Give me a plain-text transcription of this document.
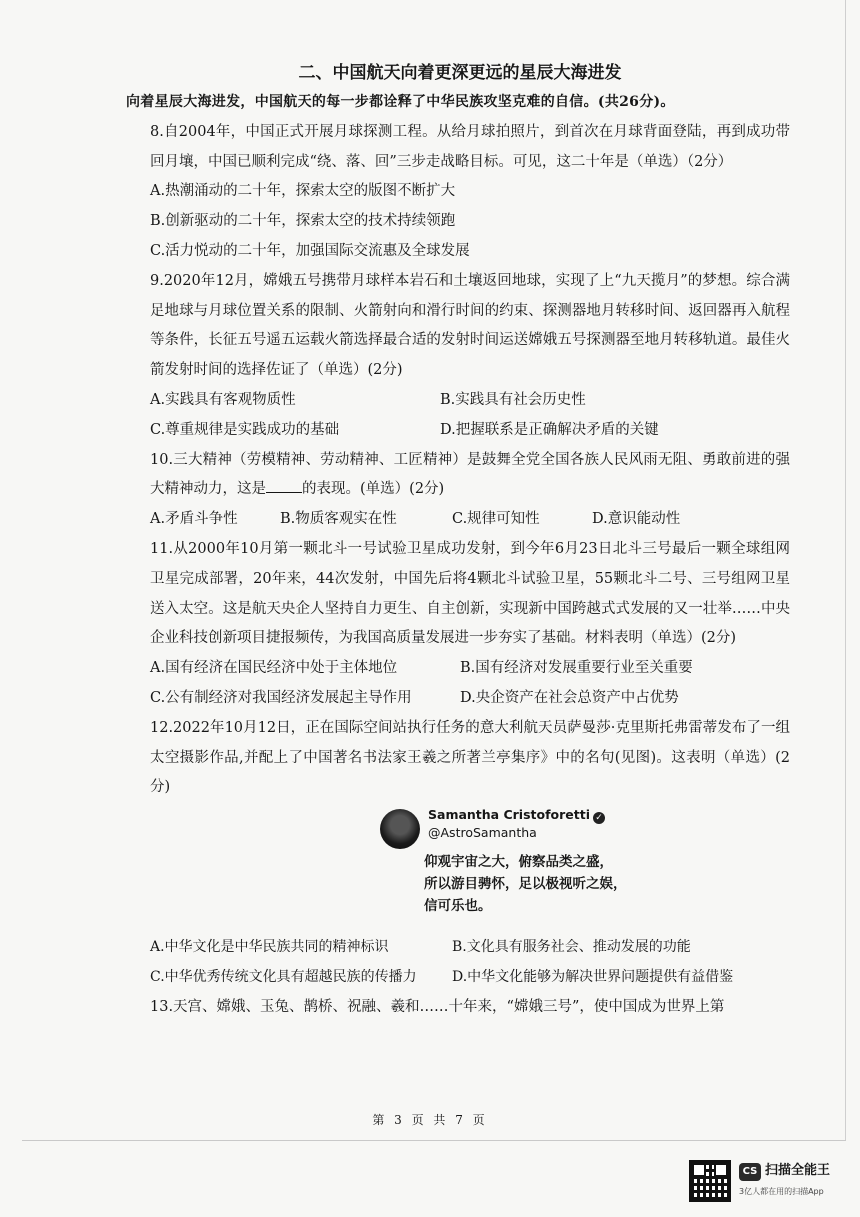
二、中国航天向着更深更远的星辰大海进发

向着星辰大海进发，中国航天的每一步都诠释了中华民族攻坚克难的自信。(共26分)。

8.自2004年，中国正式开展月球探测工程。从给月球拍照片，到首次在月球背面登陆，再到成功带回月壤，中国已顺利完成“绕、落、回”三步走战略目标。可见，这二十年是（单选）（2分）

A.热潮涌动的二十年，探索太空的版图不断扩大

B.创新驱动的二十年，探索太空的技术持续领跑

C.活力悦动的二十年，加强国际交流惠及全球发展

9.2020年12月，嫦娥五号携带月球样本岩石和土壤返回地球，实现了上“九天揽月”的梦想。综合满足地球与月球位置关系的限制、火箭射向和滑行时间的约束、探测器地月转移时间、返回器再入航程等条件，长征五号遥五运载火箭选择最合适的发射时间运送嫦娥五号探测器至地月转移轨道。最佳火箭发射时间的选择佐证了（单选）(2分)

A.实践具有客观物质性	B.实践具有社会历史性
C.尊重规律是实践成功的基础	D.把握联系是正确解决矛盾的关键

10.三大精神（劳模精神、劳动精神、工匠精神）是鼓舞全党全国各族人民风雨无阻、勇敢前进的强大精神动力，这是 的表现。(单选）(2分)

A.矛盾斗争性	B.物质客观实在性	C.规律可知性	D.意识能动性

11.从2000年10月第一颗北斗一号试验卫星成功发射，到今年6月23日北斗三号最后一颗全球组网卫星完成部署，20年来，44次发射，中国先后将4颗北斗试验卫星，55颗北斗二号、三号组网卫星送入太空。这是航天央企人坚持自力更生、自主创新，实现新中国跨越式式发展的又一壮举……中央企业科技创新项目捷报频传，为我国高质量发展进一步夯实了基础。材料表明（单选）(2分)

A.国有经济在国民经济中处于主体地位	B.国有经济对发展重要行业至关重要
C.公有制经济对我国经济发展起主导作用	D.央企资产在社会总资产中占优势

12.2022年10月12日，正在国际空间站执行任务的意大利航天员萨曼莎·克里斯托弗雷蒂发布了一组太空摄影作品,并配上了中国著名书法家王羲之所著兰亭集序》中的名句(见图)。这表明（单选）(2分)

Samantha Cristoforetti ✓
@AstroSamantha
仰观宇宙之大，俯察品类之盛，
所以游目骋怀，足以极视听之娱，
信可乐也。
A.中华文化是中华民族共同的精神标识	B.文化具有服务社会、推动发展的功能
C.中华优秀传统文化具有超越民族的传播力	D.中华文化能够为解决世界问题提供有益借鉴

13.天宫、嫦娥、玉兔、鹊桥、祝融、羲和……十年来，“嫦娥三号”，使中国成为世界上第

第 3 页 共 7 页
CS 扫描全能王
3亿人都在用的扫描App
